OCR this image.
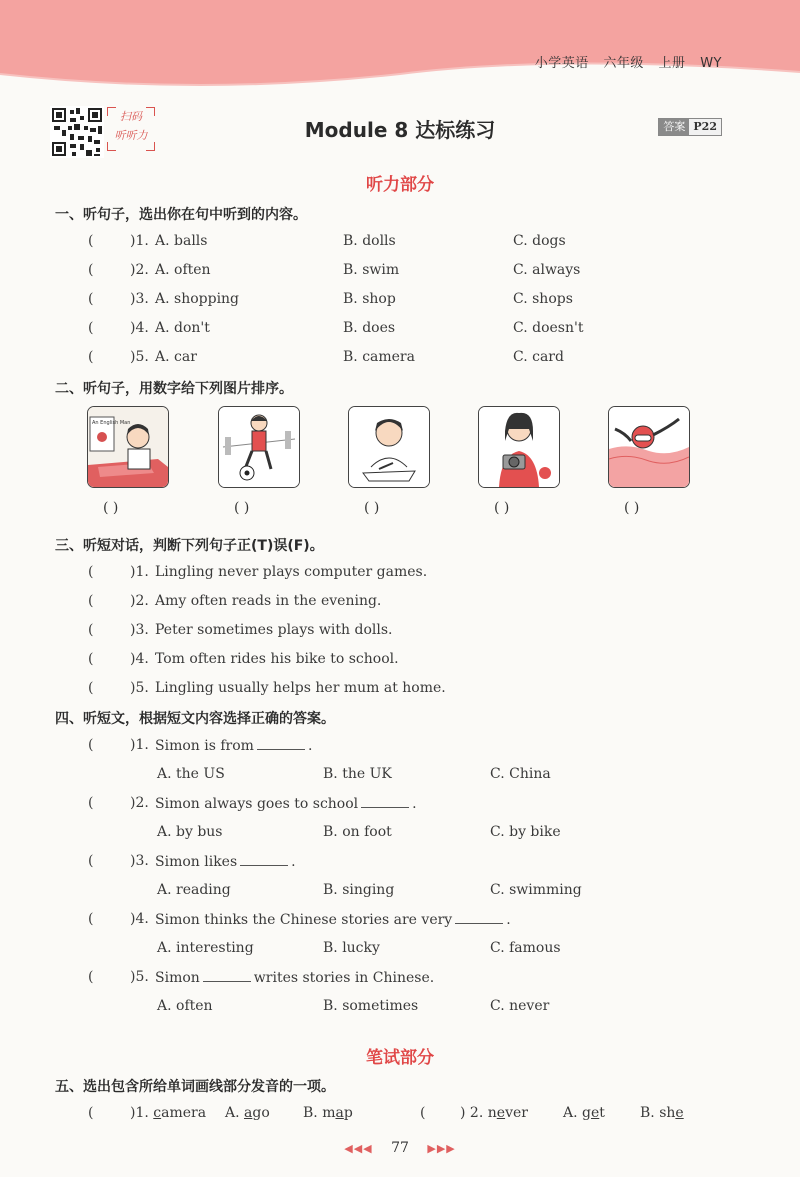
小学英语 六年级 上册 WY
扫码
听听力	Module 8 达标练习	答案 P22
听力部分
一、听句子，选出你在句中听到的内容。
(	)1. A. balls	B. dolls	C. dogs
(	)2. A. often	B. swim	C. always
(	)3. A. shopping	B. shop	C. shops
(	)4. A. don't	B. does	C. doesn't
(	)5. A. car	B. camera	C. card
二、听句子，用数字给下列图片排序。
An English Man
( )	( )	( )	( )	( )
三、听短对话，判断下列句子正(T)误(F)。
(	)1. Lingling never plays computer games.
(	)2. Amy often reads in the evening.
(	)3. Peter sometimes plays with dolls.
(	)4. Tom often rides his bike to school.
(	)5. Lingling usually helps her mum at home.
四、听短文，根据短文内容选择正确的答案。
(	)1. Simon is from	.
A. the US	B. the UK	C. China
(	)2. Simon always goes to school	.
A. by bus	B. on foot	C. by bike
(	)3. Simon likes	.
A. reading	B. singing	C. swimming
(	)4. Simon thinks the Chinese stories are very	.
A. interesting	B. lucky	C. famous
(	)5. Simon	writes stories in Chinese.
A. often	B. sometimes	C. never
笔试部分
五、选出包含所给单词画线部分发音的一项。
(	)1. camera A. ago B. map	( ) 2. never	A. get	B. she
◀◀◀ 77 ▶▶▶
